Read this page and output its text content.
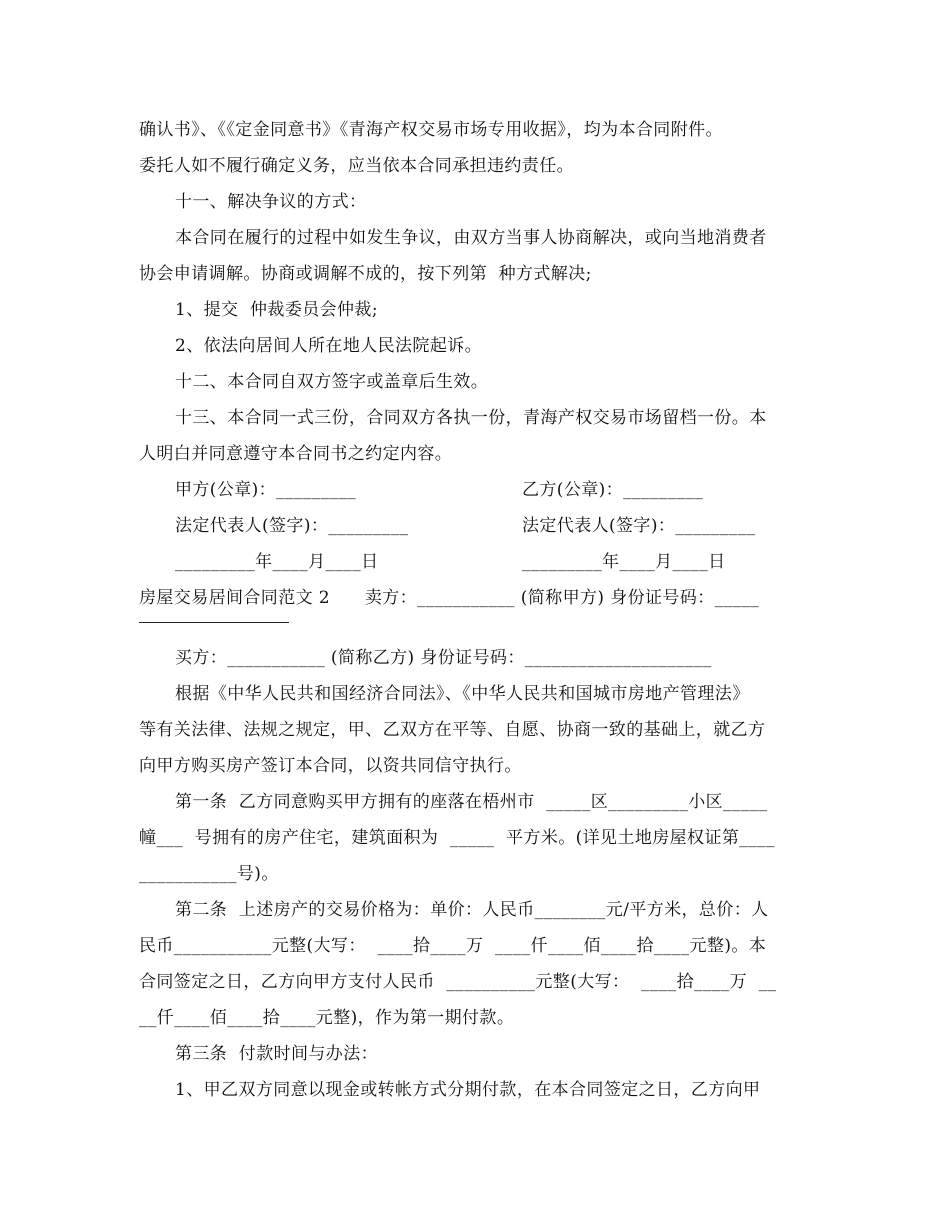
确认书》、《《定金同意书》《青海产权交易市场专用收据》，均为本合同附件。
委托人如不履行确定义务，应当依本合同承担违约责任。
十一、解决争议的方式：
本合同在履行的过程中如发生争议，由双方当事人协商解决，或向当地消费者
协会申请调解。协商或调解不成的，按下列第  种方式解决;
1、提交  仲裁委员会仲裁;
2、依法向居间人所在地人民法院起诉。
十二、本合同自双方签字或盖章后生效。
十三、本合同一式三份，合同双方各执一份，青海产权交易市场留档一份。本
人明白并同意遵守本合同书之约定内容。
甲方(公章)：_________	乙方(公章)：_________
法定代表人(签字)：_________	法定代表人(签字)：_________
_________年____月____日	_________年____月____日
房屋交易居间合同范文 2      卖方：___________ (简称甲方) 身份证号码：_____
买方：___________ (简称乙方) 身份证号码：_____________________
根据《中华人民共和国经济合同法》、《中华人民共和国城市房地产管理法》
等有关法律、法规之规定，甲、乙双方在平等、自愿、协商一致的基础上，就乙方
向甲方购买房产签订本合同，以资共同信守执行。
第一条  乙方同意购买甲方拥有的座落在梧州市  _____区_________小区_____
幢___  号拥有的房产住宅，建筑面积为  _____  平方米。(详见土地房屋权证第____
___________号)。
第二条  上述房产的交易价格为：单价：人民币________元/平方米，总价：人
民币___________元整(大写：  ____拾____万  ____仟____佰____拾____元整)。本
合同签定之日，乙方向甲方支付人民币  __________元整(大写：  ____拾____万  __
__仟____佰____拾____元整)，作为第一期付款。
第三条  付款时间与办法：
1、甲乙双方同意以现金或转帐方式分期付款，在本合同签定之日，乙方向甲
